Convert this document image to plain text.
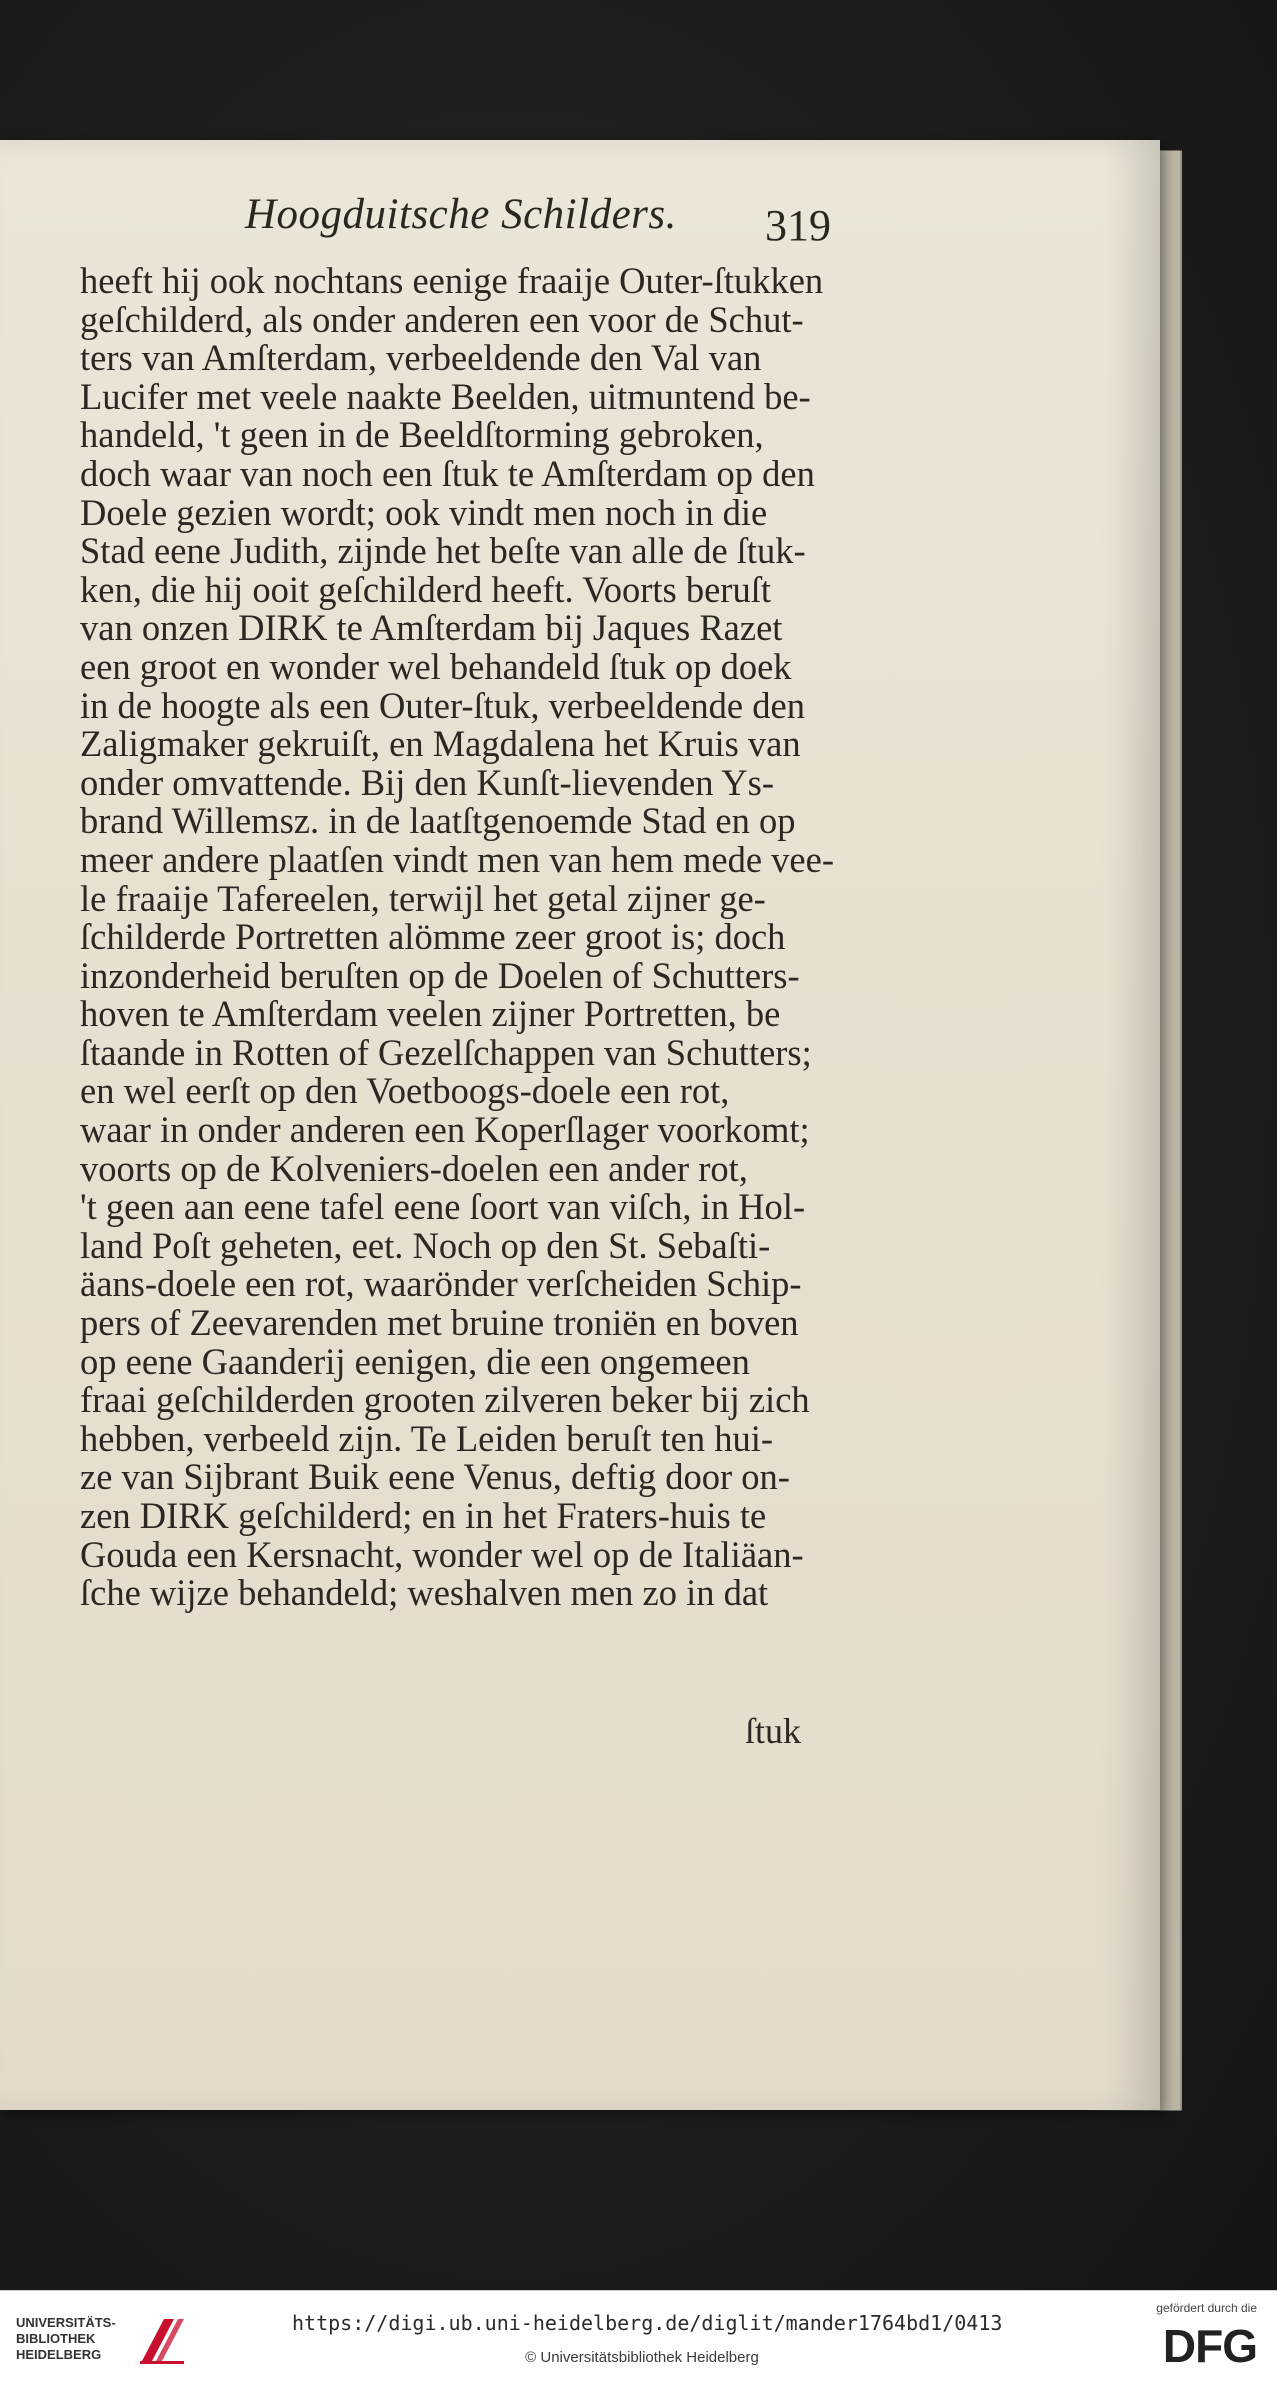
Hoogduitsche Schilders.	319
heeft hij ook nochtans eenige fraaije Outer-ſtukken
geſchilderd, als onder anderen een voor de Schut-
ters van Amſterdam, verbeeldende den Val van
Lucifer met veele naakte Beelden, uitmuntend be-
handeld, 't geen in de Beeldſtorming gebroken,
doch waar van noch een ſtuk te Amſterdam op den
Doele gezien wordt; ook vindt men noch in die
Stad eene Judith, zijnde het beſte van alle de ſtuk-
ken, die hij ooit geſchilderd heeft. Voorts beruſt
van onzen DIRK te Amſterdam bij Jaques Razet
een groot en wonder wel behandeld ſtuk op doek
in de hoogte als een Outer-ſtuk, verbeeldende den
Zaligmaker gekruiſt, en Magdalena het Kruis van
onder omvattende. Bij den Kunſt-lievenden Ys-
brand Willemsz. in de laatſtgenoemde Stad en op
meer andere plaatſen vindt men van hem mede vee-
le fraaije Tafereelen, terwijl het getal zijner ge-
ſchilderde Portretten alömme zeer groot is; doch
inzonderheid beruſten op de Doelen of Schutters-
hoven te Amſterdam veelen zijner Portretten, be
ſtaande in Rotten of Gezelſchappen van Schutters;
en wel eerſt op den Voetboogs-doele een rot,
waar in onder anderen een Koperſlager voorkomt;
voorts op de Kolveniers-doelen een ander rot,
't geen aan eene tafel eene ſoort van viſch, in Hol-
land Poſt geheten, eet. Noch op den St. Sebaſti-
äans-doele een rot, waarönder verſcheiden Schip-
pers of Zeevarenden met bruine troniën en boven
op eene Gaanderij eenigen, die een ongemeen
fraai geſchilderden grooten zilveren beker bij zich
hebben, verbeeld zijn. Te Leiden beruſt ten hui-
ze van Sijbrant Buik eene Venus, deftig door on-
zen DIRK geſchilderd; en in het Fraters-huis te
Gouda een Kersnacht, wonder wel op de Italiäan-
ſche wijze behandeld; weshalven men zo in dat
ſtuk
UNIVERSITÄTS-
BIBLIOTHEK
HEIDELBERG
https://digi.ub.uni-heidelberg.de/diglit/mander1764bd1/0413
© Universitätsbibliothek Heidelberg
gefördert durch die
DFG
